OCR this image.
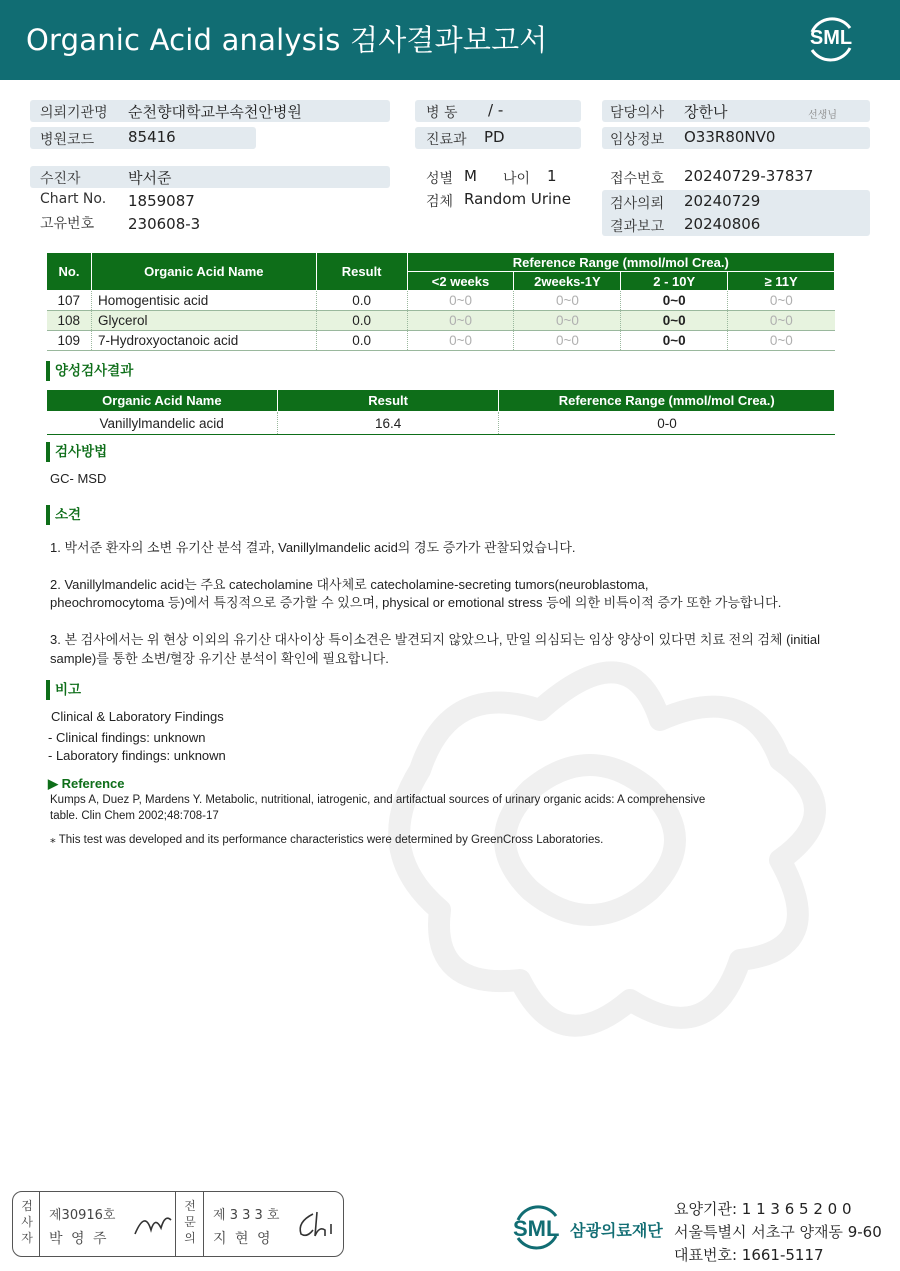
Organic Acid analysis 검사결과보고서	SML
의뢰기관명 순천향대학교부속천안병원
병원코드 85416
병 동 / -
진료과 PD
담당의사 장한나	선생님
임상정보 O33R80NV0
수진자	박서준
Chart No. 1859087
고유번호 230608-3
성별 M 나이 1
검체 Random Urine
접수번호 20240729-37837
검사의뢰 20240729
결과보고 20240806
No.	Organic Acid Name	Result	Reference Range (mmol/mol Crea.)			
			<2 weeks	2weeks-1Y	2 - 10Y	≥ 11Y
107	Homogentisic acid	0.0	0~0	0~0	0~0	0~0
108	Glycerol	0.0	0~0	0~0	0~0	0~0
109	7-Hydroxyoctanoic acid	0.0	0~0	0~0	0~0	0~0
양성검사결과
Organic Acid Name	Result	Reference Range (mmol/mol Crea.)
Vanillylmandelic acid	16.4	0-0
검사방법
GC- MSD
소견
1. 박서준 환자의 소변 유기산 분석 결과, Vanillylmandelic acid의 경도 증가가 관찰되었습니다.
2. Vanillylmandelic acid는 주요 catecholamine 대사체로 catecholamine-secreting tumors(neuroblastoma,
pheochromocytoma 등)에서 특징적으로 증가할 수 있으며, physical or emotional stress 등에 의한 비특이적 증가 또한 가능합니다.
3. 본 검사에서는 위 현상 이외의 유기산 대사이상 특이소견은 발견되지 않았으나, 만일 의심되는 임상 양상이 있다면 치료 전의 검체 (initial
sample)를 통한 소변/혈장 유기산 분석이 확인에 필요합니다.
비고
Clinical & Laboratory Findings
- Clinical findings: unknown
- Laboratory findings: unknown
▶ Reference
Kumps A, Duez P, Mardens Y. Metabolic, nutritional, iatrogenic, and artifactual sources of urinary organic acids: A comprehensive
table. Clin Chem 2002;48:708-17
⁎ This test was developed and its performance characteristics were determined by GreenCross Laboratories.
검사자
제30916호
박 영 주
전문의
제 3 3 3 호
지 현 영	SML 삼광의료재단
요양기관: 1 1 3 6 5 2 0 0
서울특별시 서초구 양재동 9-60
대표번호: 1661-5117
